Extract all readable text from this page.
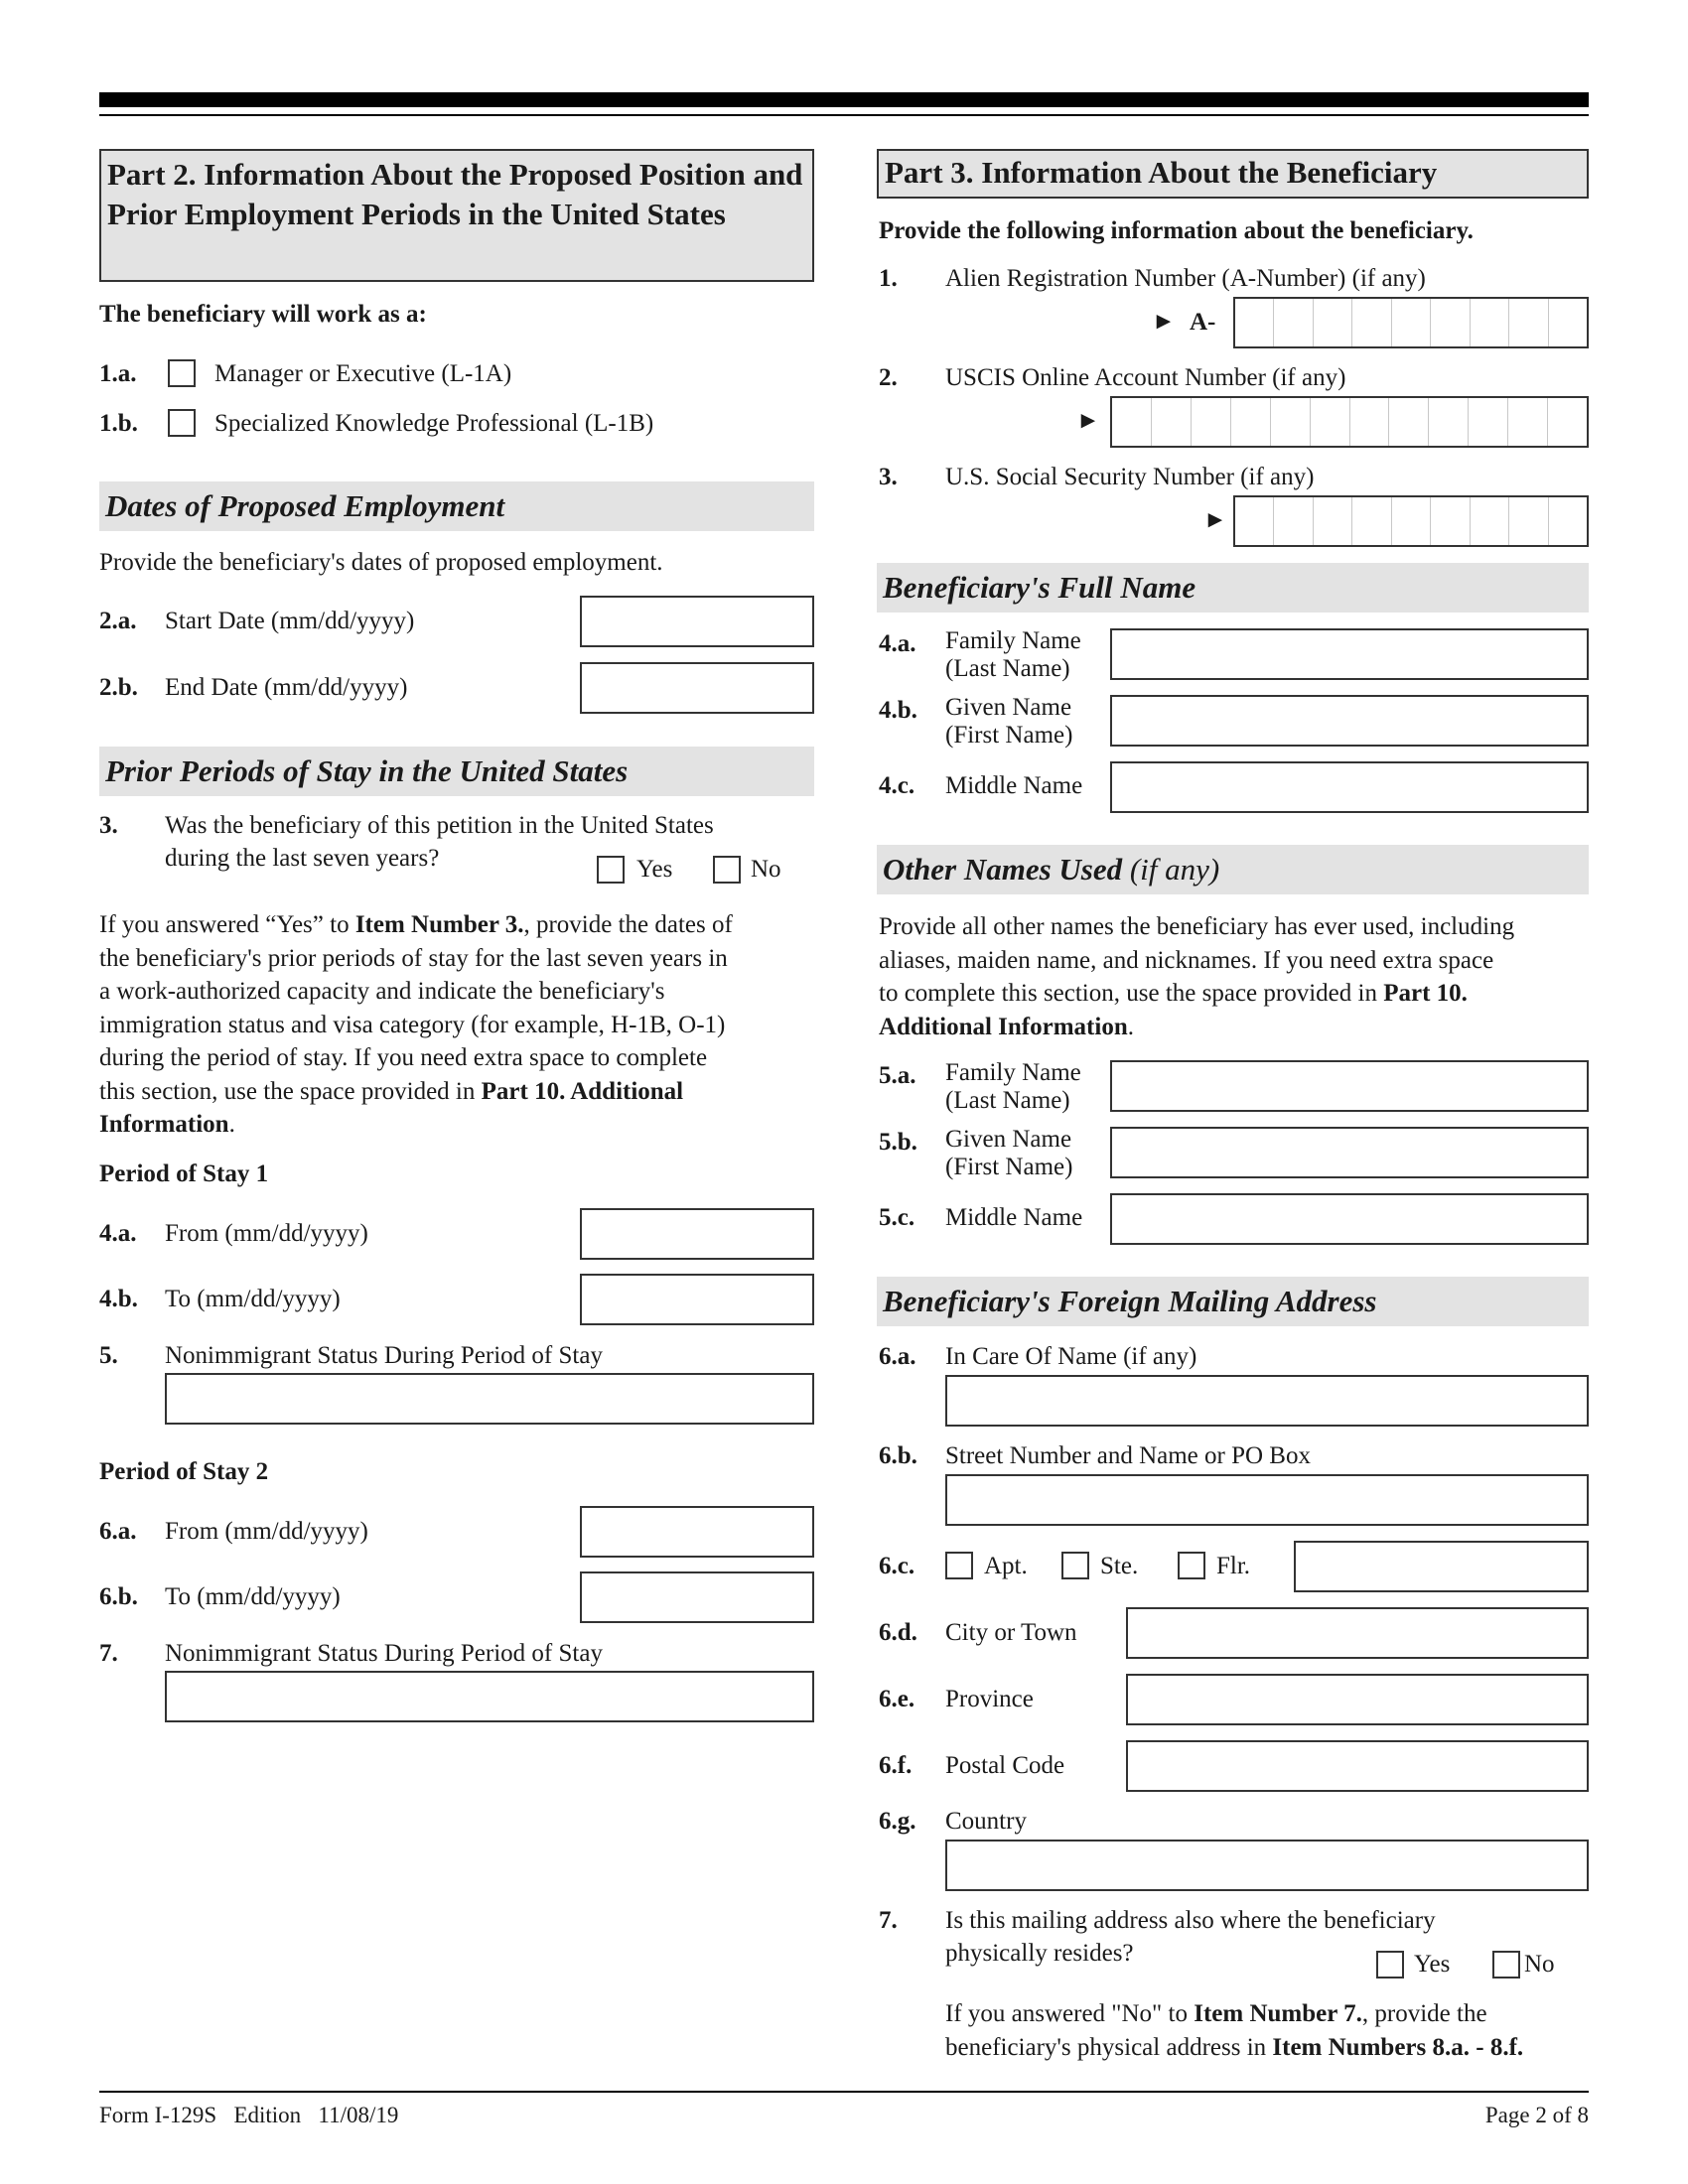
Part 2. Information About the Proposed Position and Prior Employment Periods in the United States
The beneficiary will work as a:
1.a.	Manager or Executive (L-1A)
1.b.	Specialized Knowledge Professional (L-1B)
Dates of Proposed Employment
Provide the beneficiary's dates of proposed employment.
2.a. Start Date (mm/dd/yyyy)
2.b. End Date (mm/dd/yyyy)
Prior Periods of Stay in the United States
3. Was the beneficiary of this petition in the United States
during the last seven years?	Yes	No
If you answered “Yes” to Item Number 3., provide the dates of
the beneficiary's prior periods of stay for the last seven years in
a work-authorized capacity and indicate the beneficiary's
immigration status and visa category (for example, H-1B, O-1)
during the period of stay. If you need extra space to complete
this section, use the space provided in Part 10. Additional
Information.
Period of Stay 1
4.a. From (mm/dd/yyyy)
4.b. To (mm/dd/yyyy)
5. Nonimmigrant Status During Period of Stay
Period of Stay 2
6.a. From (mm/dd/yyyy)
6.b. To (mm/dd/yyyy)
7. Nonimmigrant Status During Period of Stay
Part 3. Information About the Beneficiary
Provide the following information about the beneficiary.
1. Alien Registration Number (A-Number) (if any)
► A-
2. USCIS Online Account Number (if any)
►
3. U.S. Social Security Number (if any)
►
Beneficiary's Full Name
4.a. Family Name
(Last Name)
4.b. Given Name
(First Name)
4.c. Middle Name
Other Names Used (if any)
Provide all other names the beneficiary has ever used, including
aliases, maiden name, and nicknames. If you need extra space
to complete this section, use the space provided in Part 10.
Additional Information.
5.a. Family Name
(Last Name)
5.b. Given Name
(First Name)
5.c. Middle Name
Beneficiary's Foreign Mailing Address
6.a. In Care Of Name (if any)
6.b. Street Number and Name or PO Box
6.c.	Apt.	Ste.	Flr.
6.d. City or Town
6.e. Province
6.f. Postal Code
6.g. Country
7. Is this mailing address also where the beneficiary
physically resides?	Yes	No
If you answered "No" to Item Number 7., provide the
beneficiary's physical address in Item Numbers 8.a. - 8.f.
Form I-129S   Edition   11/08/19	Page 2 of 8
